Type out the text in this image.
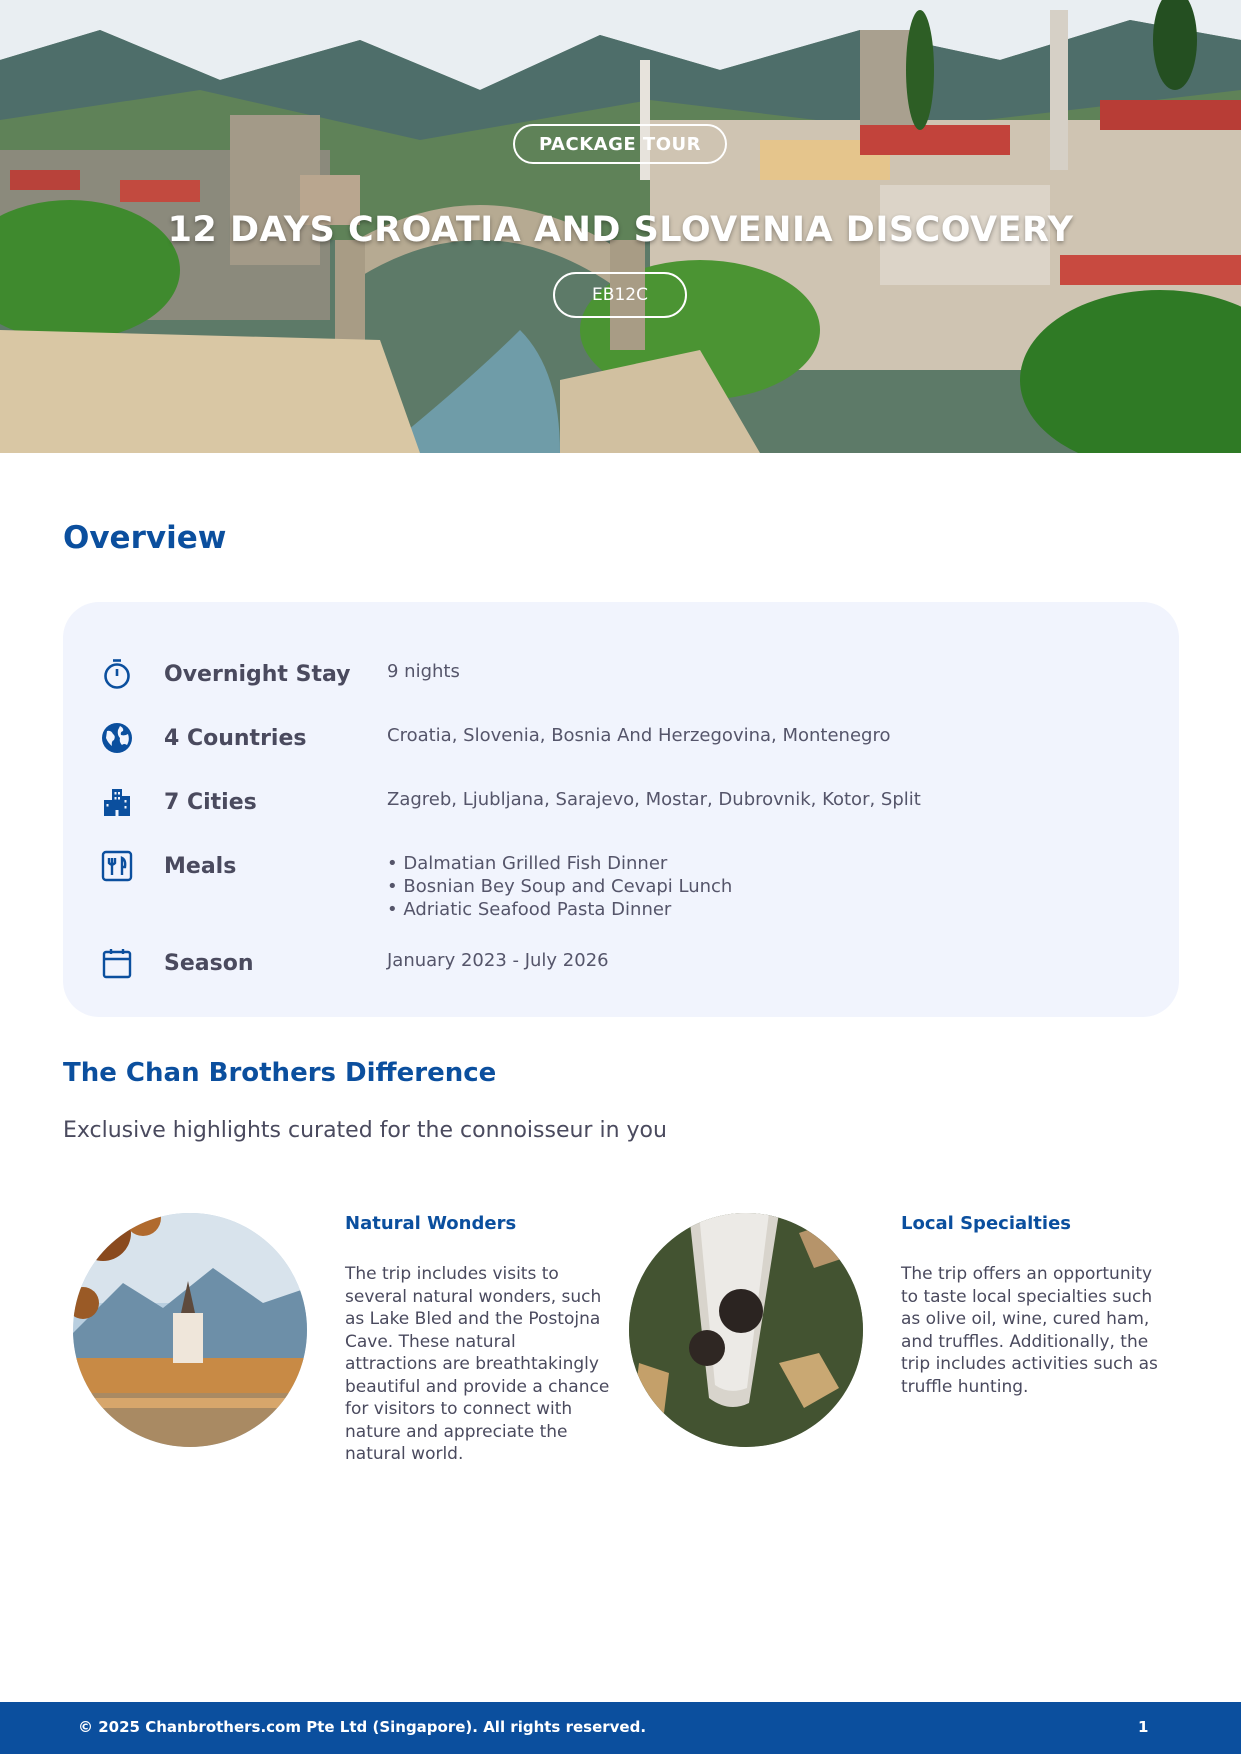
PACKAGE TOUR
12 DAYS CROATIA AND SLOVENIA DISCOVERY
EB12C
Overview
Overnight Stay 9 nights
4 Countries	Croatia, Slovenia, Bosnia And Herzegovina, Montenegro
7 Cities	Zagreb, Ljubljana, Sarajevo, Mostar, Dubrovnik, Kotor, Split
Meals	• Dalmatian Grilled Fish Dinner
• Bosnian Bey Soup and Cevapi Lunch
• Adriatic Seafood Pasta Dinner
Season	January 2023 - July 2026
The Chan Brothers Difference

Exclusive highlights curated for the connoisseur in you

Natural Wonders

The trip includes visits to
several natural wonders, such
as Lake Bled and the Postojna
Cave. These natural
attractions are breathtakingly
beautiful and provide a chance
for visitors to connect with
nature and appreciate the
natural world.

Local Specialties

The trip offers an opportunity
to taste local specialties such
as olive oil, wine, cured ham,
and truffles. Additionally, the
trip includes activities such as
truffle hunting.
© 2025 Chanbrothers.com Pte Ltd (Singapore). All rights reserved.	1
